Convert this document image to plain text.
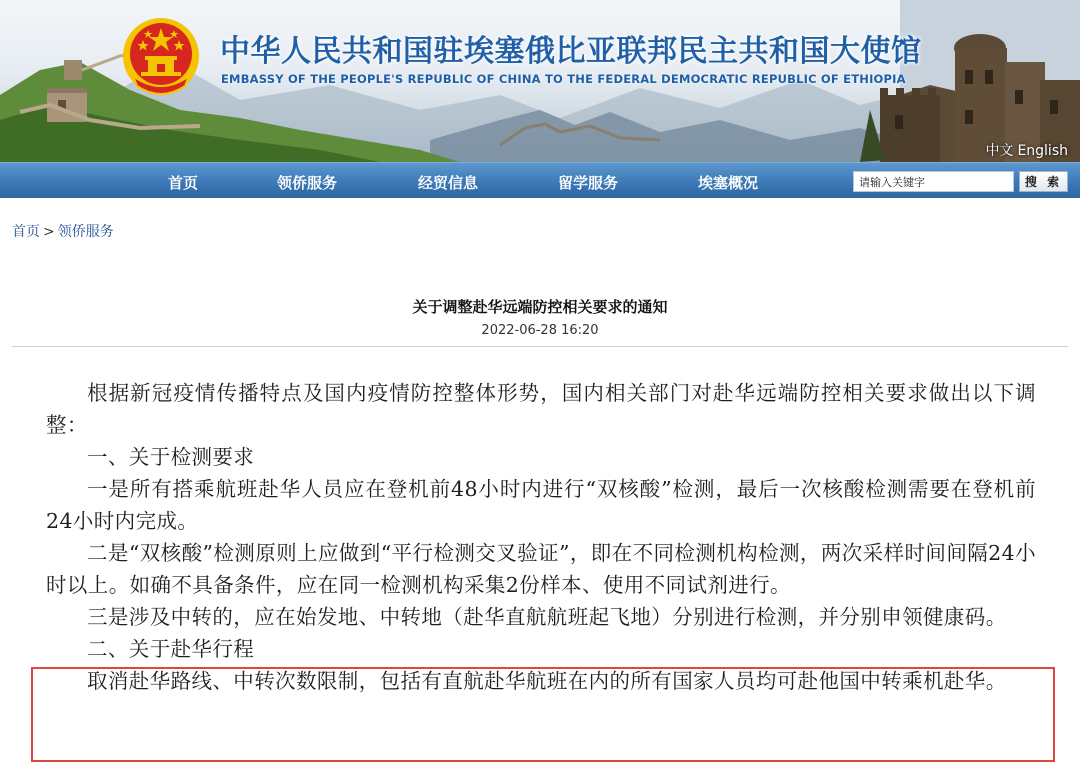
中华人民共和国驻埃塞俄比亚联邦民主共和国大使馆
EMBASSY OF THE PEOPLE'S REPUBLIC OF CHINA TO THE FEDERAL DEMOCRATIC REPUBLIC OF ETHIOPIA
中文 English
首页	领侨服务	经贸信息	留学服务	埃塞概况
请输入关键字	搜 索
首页 > 领侨服务
关于调整赴华远端防控相关要求的通知
2022-06-28 16:20

根据新冠疫情传播特点及国内疫情防控整体形势，国内相关部门对赴华远端防控相关要求做出以下调整：

一、关于检测要求

一是所有搭乘航班赴华人员应在登机前48小时内进行“双核酸”检测，最后一次核酸检测需要在登机前24小时内完成。

二是“双核酸”检测原则上应做到“平行检测交叉验证”，即在不同检测机构检测，两次采样时间间隔24小时以上。如确不具备条件，应在同一检测机构采集2份样本、使用不同试剂进行。

三是涉及中转的，应在始发地、中转地（赴华直航航班起飞地）分别进行检测，并分别申领健康码。

二、关于赴华行程

取消赴华路线、中转次数限制，包括有直航赴华航班在内的所有国家人员均可赴他国中转乘机赴华。
